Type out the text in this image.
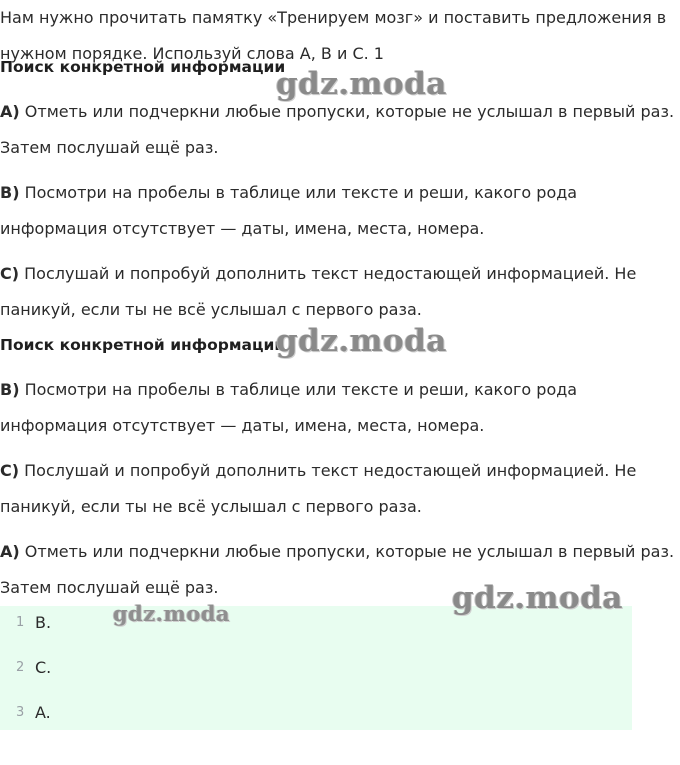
Нам нужно прочитать памятку «Тренируем мозг» и поставить предложения в
нужном порядке. Используй слова A, B и C. 1
Поиск конкретной информации
A) Отметь или подчеркни любые пропуски, которые не услышал в первый раз.
Затем послушай ещё раз.
B) Посмотри на пробелы в таблице или тексте и реши, какого рода
информация отсутствует — даты, имена, места, номера.
C) Послушай и попробуй дополнить текст недостающей информацией. Не
паникуй, если ты не всё услышал с первого раза.
Поиск конкретной информации
B) Посмотри на пробелы в таблице или тексте и реши, какого рода
информация отсутствует — даты, имена, места, номера.
C) Послушай и попробуй дополнить текст недостающей информацией. Не
паникуй, если ты не всё услышал с первого раза.
A) Отметь или подчеркни любые пропуски, которые не услышал в первый раз.
Затем послушай ещё раз.
1 B.
2 C.
3 A.
gdz.moda
gdz.moda
gdz.moda
gdz.moda
